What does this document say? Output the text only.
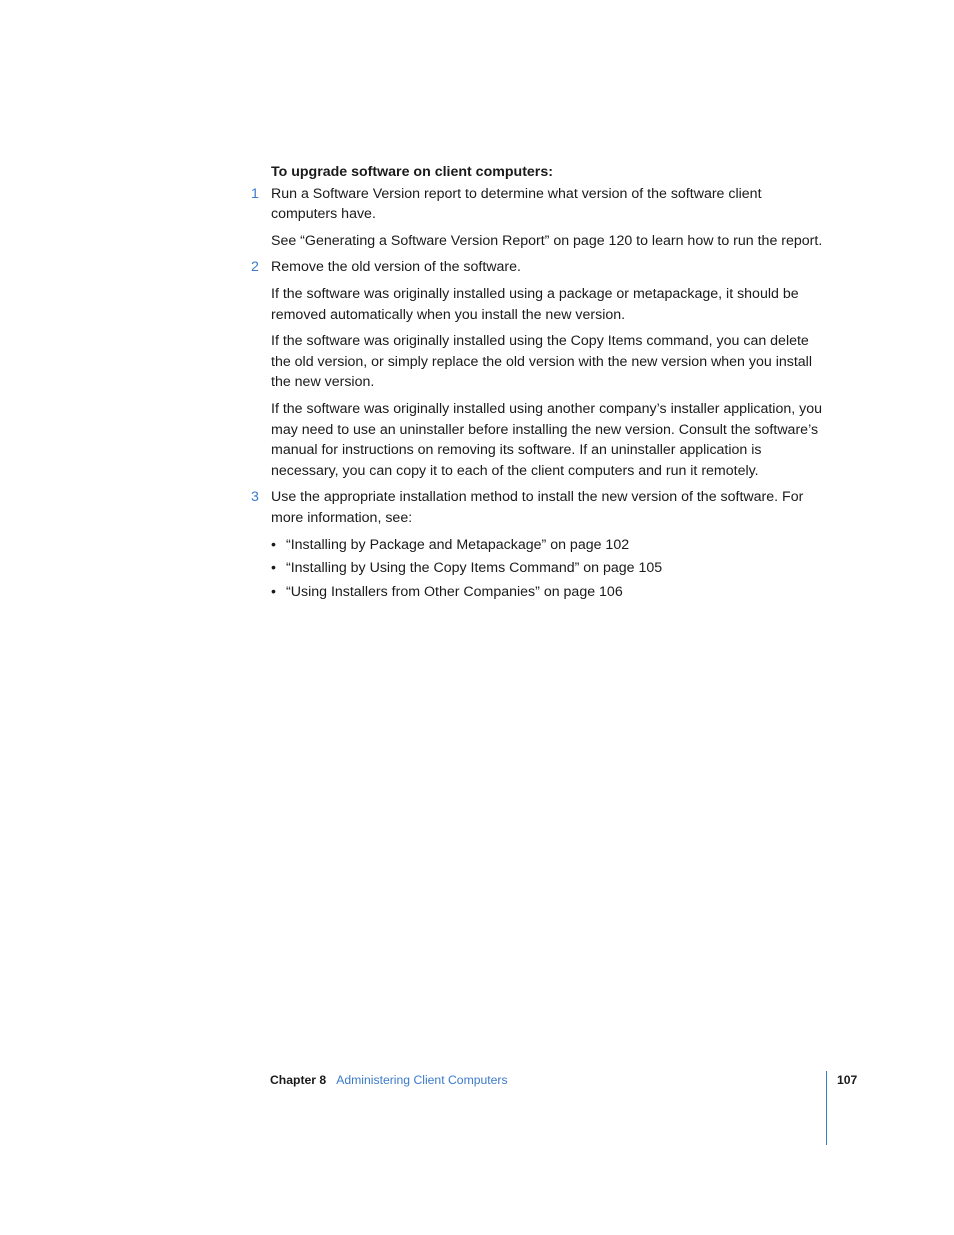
To upgrade software on client computers:

1 Run a Software Version report to determine what version of the software client computers have.

See “Generating a Software Version Report” on page 120 to learn how to run the report.

2 Remove the old version of the software.

If the software was originally installed using a package or metapackage, it should be removed automatically when you install the new version.

If the software was originally installed using the Copy Items command, you can delete the old version, or simply replace the old version with the new version when you install the new version.

If the software was originally installed using another company’s installer application, you may need to use an uninstaller before installing the new version. Consult the software’s manual for instructions on removing its software. If an uninstaller application is necessary, you can copy it to each of the client computers and run it remotely.

3 Use the appropriate installation method to install the new version of the software. For more information, see:

• “Installing by Package and Metapackage” on page 102
• “Installing by Using the Copy Items Command” on page 105
• “Using Installers from Other Companies” on page 106
Chapter 8 Administering Client Computers	107
